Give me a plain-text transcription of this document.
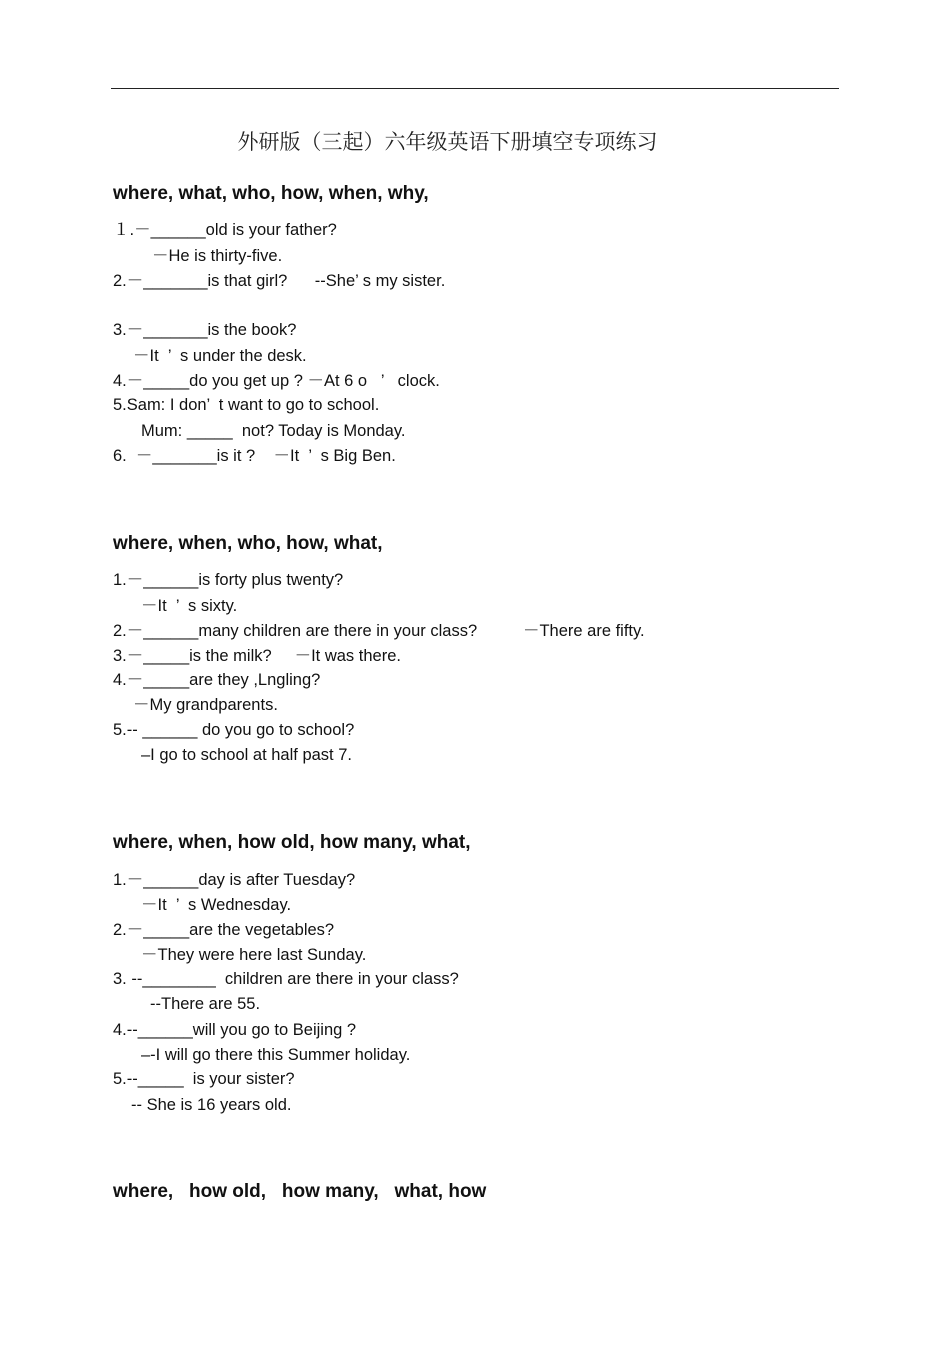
外研版（三起）六年级英语下册填空专项练习
where, what, who, how, when, why,
１.－______old is your father?
－He is thirty-five.
2.－_______is that girl?      --She’ s my sister.
3.－_______is the book?
－It  ’  s under the desk.
4.－_____do you get up ? －At 6 o   ’   clock.
5.Sam: I don’  t want to go to school.
Mum: _____  not? Today is Monday.
6.  －_______is it ?    －It  ’  s Big Ben.
where, when, who, how, what,
1.－______is forty plus twenty?
－It  ’  s sixty.
2.－______many children are there in your class?          －There are fifty.
3.－_____is the milk?     －It was there.
4.－_____are they ,Lngling?
－My grandparents.
5.-- ______ do you go to school?
–I go to school at half past 7.
where, when, how old, how many, what,
1.－______day is after Tuesday?
－It  ’  s Wednesday.
2.－_____are the vegetables?
－They were here last Sunday.
3. --________  children are there in your class?
--There are 55.
4.--______will you go to Beijing ?
–-I will go there this Summer holiday.
5.--_____  is your sister?
-- She is 16 years old.
where,   how old,   how many,   what, how
